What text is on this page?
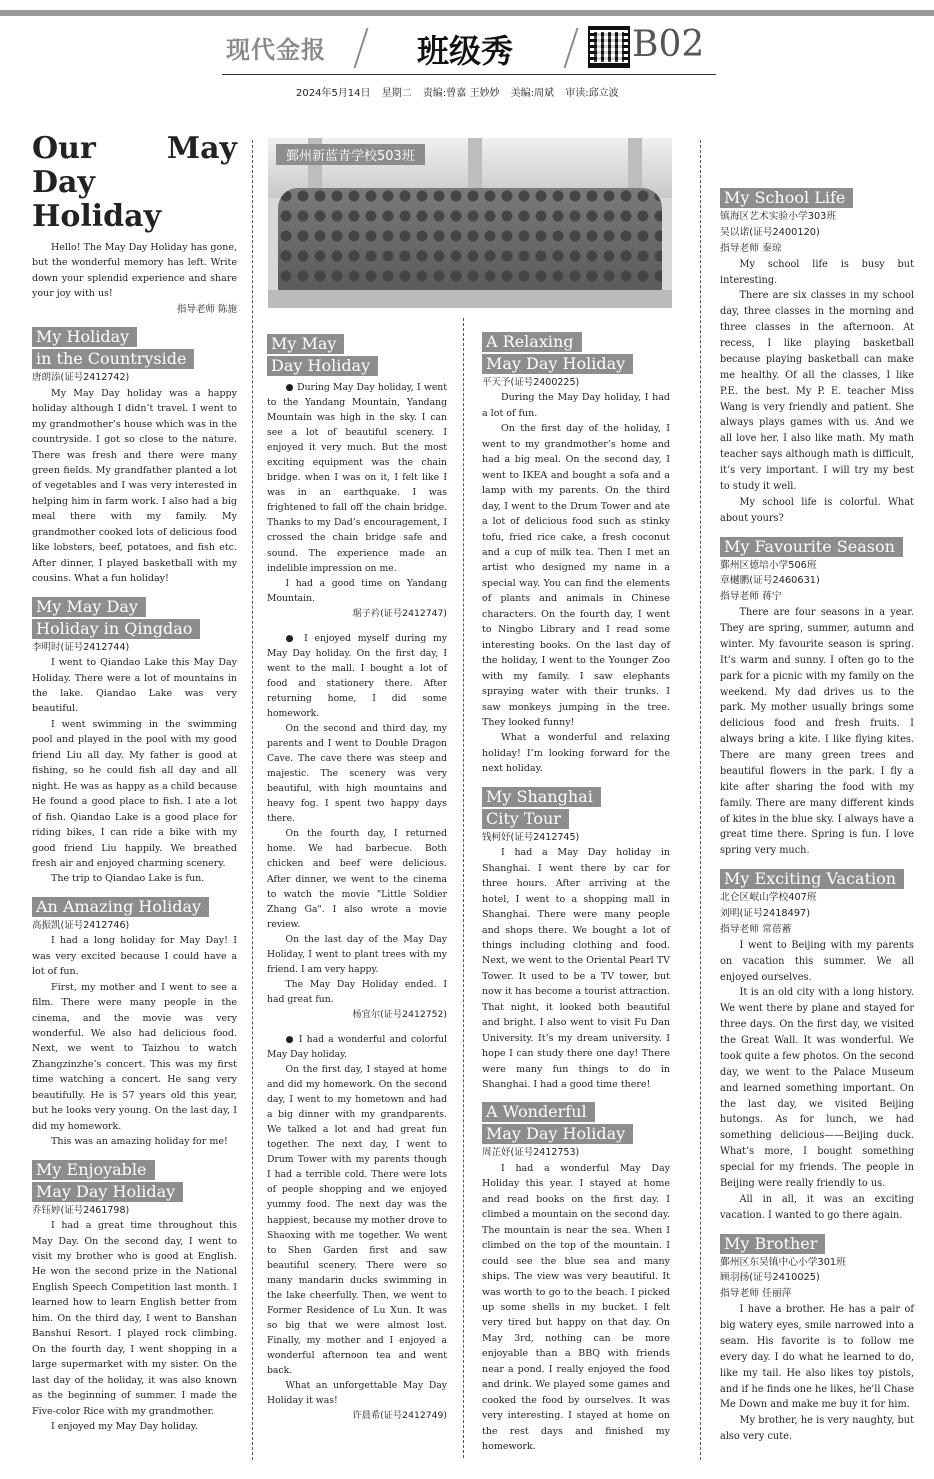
现代金报	班级秀	B02
2024年5月14日 星期二 责编:曾嘉 王妙妙 美编:周斌 审读:邱立波
Our May Day
Holiday

Hello! The May Day Holiday has gone, but the wonderful memory has left. Write down your splendid experience and share your joy with us!

指导老师 陈施
My Holiday
in the Countryside
唐朗添(证号2412742)

My May Day holiday was a happy holiday although I didn’t travel. I went to my grandmother’s house which was in the countryside. I got so close to the nature. There was fresh and there were many green fields. My grandfather planted a lot of vegetables and I was very interested in helping him in farm work. I also had a big meal there with my family. My grandmother cooked lots of delicious food like lobsters, beef, potatoes, and fish etc. After dinner, I played basketball with my cousins. What a fun holiday!

My May Day
Holiday in Qingdao
李明时(证号2412744)

I went to Qiandao Lake this May Day Holiday. There were a lot of mountains in the lake. Qiandao Lake was very beautiful.

I went swimming in the swimming pool and played in the pool with my good friend Liu all day. My father is good at fishing, so he could fish all day and all night. He was as happy as a child because He found a good place to fish. I ate a lot of fish. Qiandao Lake is a good place for riding bikes, I can ride a bike with my good friend Liu happily. We breathed fresh air and enjoyed charming scenery.

The trip to Qiandao Lake is fun.

An Amazing Holiday
高振凯(证号2412746)

I had a long holiday for May Day! I was very excited because I could have a lot of fun.

First, my mother and I went to see a film. There were many people in the cinema, and the movie was very wonderful. We also had delicious food. Next, we went to Taizhou to watch Zhangzinzhe’s concert. This was my first time watching a concert. He sang very beautifully. He is 57 years old this year, but he looks very young. On the last day, I did my homework.

This was an amazing holiday for me!

My Enjoyable
May Day Holiday
乔钰婷(证号2461798)

I had a great time throughout this May Day. On the second day, I went to visit my brother who is good at English. He won the second prize in the National English Speech Competition last month. I learned how to learn English better from him. On the third day, I went to Banshan Banshui Resort. I played rock climbing. On the fourth day, I went shopping in a large supermarket with my sister. On the last day of the holiday, it was also known as the beginning of summer. I made the Five-color Rice with my grandmother.

I enjoyed my May Day holiday.

鄞州新蓝青学校503班
My May
Day Holiday

● During May Day holiday, I went to the Yandang Mountain, Yandang Mountain was high in the sky. I can see a lot of beautiful scenery. I enjoyed it very much. But the most exciting equipment was the chain bridge. when I was on it, I felt like I was in an earthquake. I was frightened to fall off the chain bridge. Thanks to my Dad’s encouragement, I crossed the chain bridge safe and sound. The experience made an indelible impression on me.

I had a good time on Yandang Mountain.

琚子衿(证号2412747)

● I enjoyed myself during my May Day holiday. On the first day, I went to the mall. I bought a lot of food and stationery there. After returning home, I did some homework.

On the second and third day, my parents and I went to Double Dragon Cave. The cave there was steep and majestic. The scenery was very beautiful, with high mountains and heavy fog. I spent two happy days there.

On the fourth day, I returned home. We had barbecue. Both chicken and beef were delicious. After dinner, we went to the cinema to watch the movie "Little Soldier Zhang Ga". I also wrote a movie review.

On the last day of the May Day Holiday, I went to plant trees with my friend. I am very happy.

The May Day Holiday ended. I had great fun.

杨宜尔(证号2412752)

● I had a wonderful and colorful May Day holiday.

On the first day, I stayed at home and did my homework. On the second day, I went to my hometown and had a big dinner with my grandparents. We talked a lot and had great fun together. The next day, I went to Drum Tower with my parents though I had a terrible cold. There were lots of people shopping and we enjoyed yummy food. The next day was the happiest, because my mother drove to Shaoxing with me together. We went to Shen Garden first and saw beautiful scenery. There were so many mandarin ducks swimming in the lake cheerfully. Then, we went to Former Residence of Lu Xun. It was so big that we were almost lost. Finally, my mother and I enjoyed a wonderful afternoon tea and went back.

What an unforgettable May Day Holiday it was!

许晨希(证号2412749)
A Relaxing
May Day Holiday
平天予(证号2400225)

During the May Day holiday, I had a lot of fun.

On the first day of the holiday, I went to my grandmother’s home and had a big meal. On the second day, I went to IKEA and bought a sofa and a lamp with my parents. On the third day, I went to the Drum Tower and ate a lot of delicious food such as stinky tofu, fried rice cake, a fresh coconut and a cup of milk tea. Then I met an artist who designed my name in a special way. You can find the elements of plants and animals in Chinese characters. On the fourth day, I went to Ningbo Library and I read some interesting books. On the last day of the holiday, I went to the Younger Zoo with my family. I saw elephants spraying water with their trunks. I saw monkeys jumping in the tree. They looked funny!

What a wonderful and relaxing holiday! I’m looking forward for the next holiday.

My Shanghai
City Tour
钱柯妤(证号2412745)

I had a May Day holiday in Shanghai. I went there by car for three hours. After arriving at the hotel, I went to a shopping mall in Shanghai. There were many people and shops there. We bought a lot of things including clothing and food. Next, we went to the Oriental Pearl TV Tower. It used to be a TV tower, but now it has become a tourist attraction. That night, it looked both beautiful and bright. I also went to visit Fu Dan University. It’s my dream university. I hope I can study there one day! There were many fun things to do in Shanghai. I had a good time there!

A Wonderful
May Day Holiday
周芷妤(证号2412753)

I had a wonderful May Day Holiday this year. I stayed at home and read books on the first day. I climbed a mountain on the second day. The mountain is near the sea. When I climbed on the top of the mountain. I could see the blue sea and many ships. The view was very beautiful. It was worth to go to the beach. I picked up some shells in my bucket. I felt very tired but happy on that day. On May 3rd, nothing can be more enjoyable than a BBQ with friends near a pond. I really enjoyed the food and drink. We played some games and cooked the food by ourselves. It was very interesting. I stayed at home on the rest days and finished my homework.

My School Life
镇海区艺术实验小学303班
吴以诺(证号2400120)
指导老师 秦琼

My school life is busy but interesting.

There are six classes in my school day, three classes in the morning and three classes in the afternoon. At recess, I like playing basketball because playing basketball can make me healthy. Of all the classes, I like P.E. the best. My P. E. teacher Miss Wang is very friendly and patient. She always plays games with us. And we all love her. I also like math. My math teacher says although math is difficult, it’s very important. I will try my best to study it well.

My school life is colorful. What about yours?

My Favourite Season
鄞州区德培小学506班
章樾鹏(证号2460631)
指导老师 蒋宁

There are four seasons in a year. They are spring, summer, autumn and winter. My favourite season is spring. It’s warm and sunny. I often go to the park for a picnic with my family on the weekend. My dad drives us to the park. My mother usually brings some delicious food and fresh fruits. I always bring a kite. I like flying kites. There are many green trees and beautiful flowers in the park. I fly a kite after sharing the food with my family. There are many different kinds of kites in the blue sky. I always have a great time there. Spring is fun. I love spring very much.

My Exciting Vacation
北仑区岷山学校407班
刘明(证号2418497)
指导老师 常蓓蓄

I went to Beijing with my parents on vacation this summer. We all enjoyed ourselves.

It is an old city with a long history. We went there by plane and stayed for three days. On the first day, we visited the Great Wall. It was wonderful. We took quite a few photos. On the second day, we went to the Palace Museum and learned something important. On the last day, we visited Beijing hutongs. As for lunch, we had something delicious——Beijing duck. What’s more, I bought something special for my friends. The people in Beijing were really friendly to us.

All in all, it was an exciting vacation. I wanted to go there again.

My Brother
鄞州区东吴镇中心小学301班
顾羽扬(证号2410025)
指导老师 任丽萍

I have a brother. He has a pair of big watery eyes, smile narrowed into a seam. His favorite is to follow me every day. I do what he learned to do, like my tail. He also likes toy pistols, and if he finds one he likes, he'll Chase Me Down and make me buy it for him.

My brother, he is very naughty, but also very cute.
